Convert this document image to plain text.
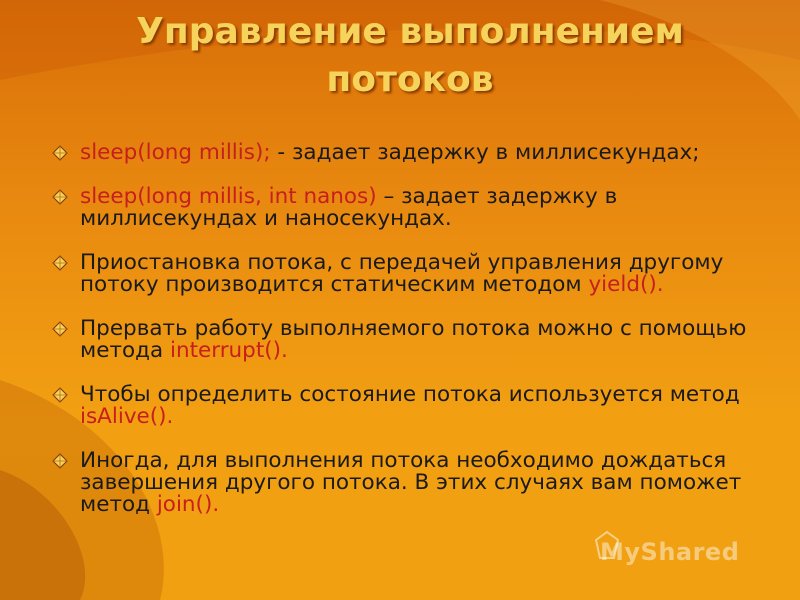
Управление выполнением
потоков
sleep(long millis); - задает задержку в миллисекундах;
sleep(long millis, int nanos) – задает задержку в миллисекундах и наносекундах.
Приостановка потока, с передачей управления другому потоку производится статическим методом yield().
Прервать работу выполняемого потока можно с помощью метода interrupt().
Чтобы определить состояние потока используется метод isAlive().
Иногда, для выполнения потока необходимо дождаться завершения другого потока. В этих случаях вам поможет метод join().
MyShared
